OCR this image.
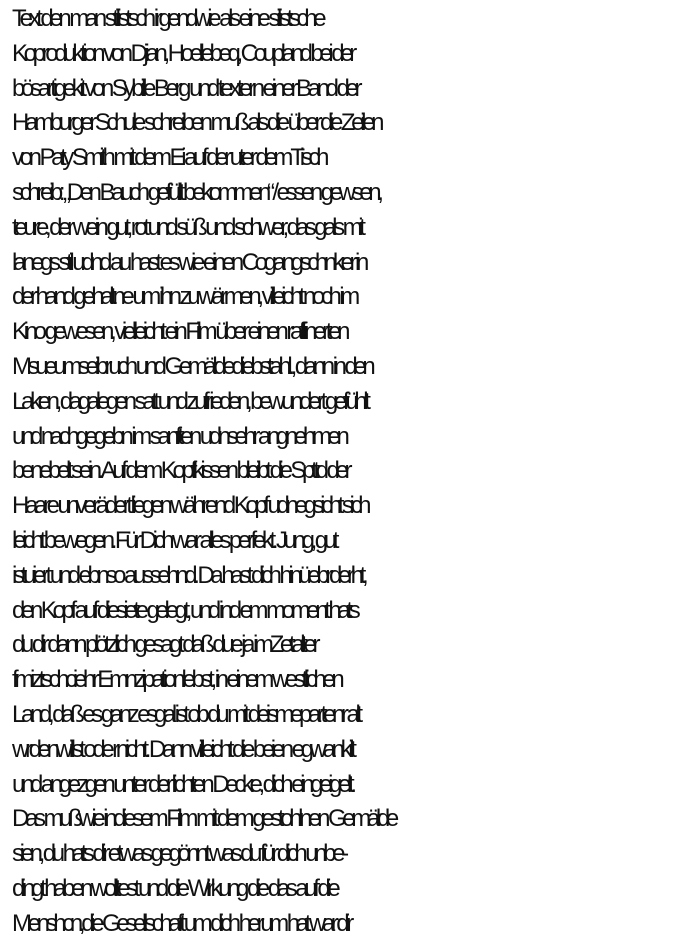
Text den man stilistsch irgendwie als eine silistsche
Koproduktion von Djian, Hoellebeq, Coupland bei der
bösartigekit von Sybille Berg und textern einer Band der
Hamburger Schule schreiben muß als die über die Zeilen
von Paty Smith mit dem Ei auf der uter dem Tisch
schreib: „Den Bauch gefüllt bekommen“ / essen gewsen,
teure, der wein gut, rot und süß und schwer, das gals mit
lanegs stil udnd au hast es wie einen Cogangschnker in
der hand gehaltne um ihn zu wärmen, villeicht noch im
Kino gewesen, vielleicht ein Film über einen raffinerten
Msueumseibruch und Gemäldediebstahl., dann in den
Laken, dagalegen satt und zufrieden, bewundert gefühlt
und nachgegebn im sanften udnsehr angnehmen
benebelt sein. Auf dem Kopfkissen bleibt die Spttd der
Haare unverädert liegen während Kopf udnegsicht sich
leicht bewegen. Für Dich war alles perfekt. Jung, gut
istuiert und ebnso aussehnd. Da hast dich hinüebrderht,
den Kopf auf diesiete gelegt, und ind em moment hats
du dir dann plötzlich gesagt daß due ja imZetalter
fmiztschciehr Emnzipationlebst, in einem westlichen
Land, daß es ganz esgal ist ob du mit deismepartenr alt
wrdenwillst ode rnicht. Dann villeicht die beien egwankilt
und angezgen unter der lichten Decke, dich eingeigelt.
Das mußwie indiesem Film mit dem gestohlnen Gemälde
sien, du hats dir etwas gegönnt was du für dich unbe-
dingt haben wolltest und die Wirkung die das auf die
Menshcn,die Gesellschaft um dich herum hat war dir
